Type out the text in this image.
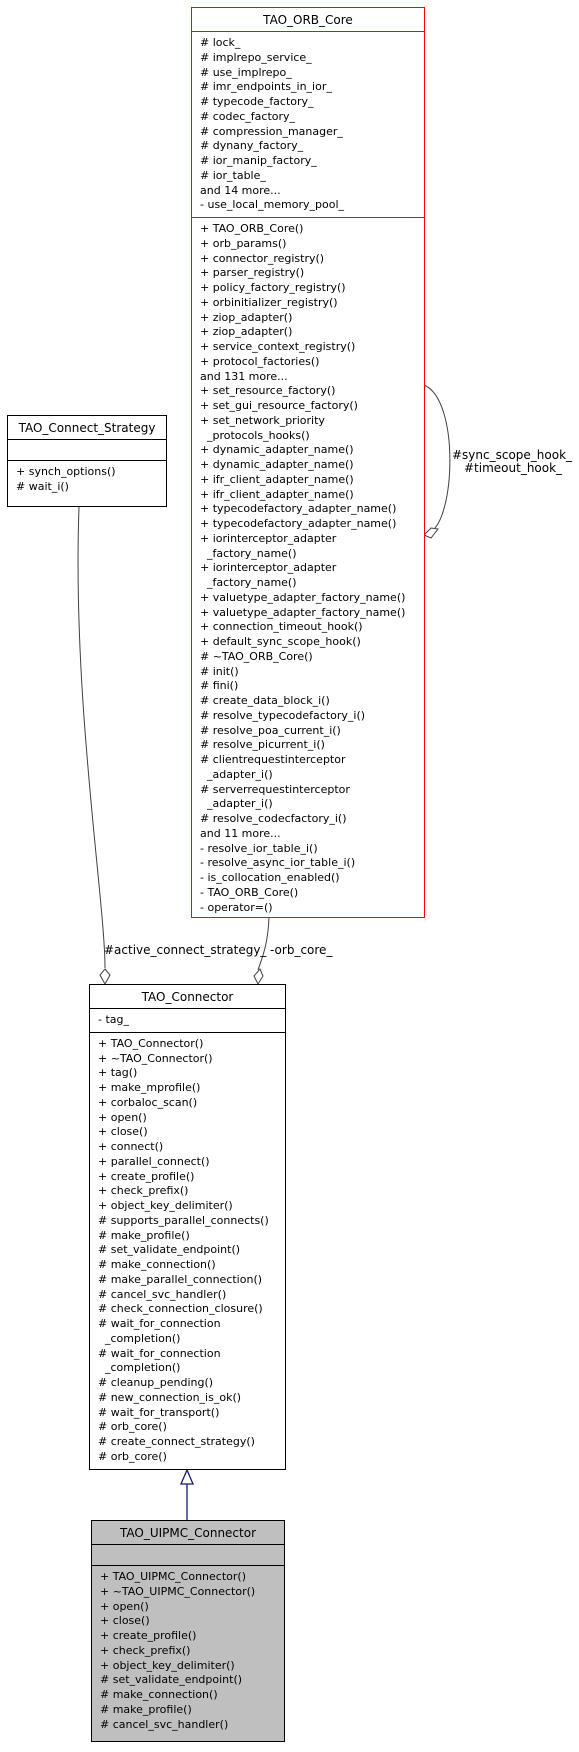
#sync_scope_hook_
#timeout_hook_
#active_connect_strategy_ -orb_core_
TAO_ORB_Core
# lock_
# implrepo_service_
# use_implrepo_
# imr_endpoints_in_ior_
# typecode_factory_
# codec_factory_
# compression_manager_
# dynany_factory_
# ior_manip_factory_
# ior_table_
and 14 more...
- use_local_memory_pool_
+ TAO_ORB_Core()
+ orb_params()
+ connector_registry()
+ parser_registry()
+ policy_factory_registry()
+ orbinitializer_registry()
+ ziop_adapter()
+ ziop_adapter()
+ service_context_registry()
+ protocol_factories()
and 131 more...
+ set_resource_factory()
+ set_gui_resource_factory()
+ set_network_priority
_protocols_hooks()
+ dynamic_adapter_name()
+ dynamic_adapter_name()
+ ifr_client_adapter_name()
+ ifr_client_adapter_name()
+ typecodefactory_adapter_name()
+ typecodefactory_adapter_name()
+ iorinterceptor_adapter
_factory_name()
+ iorinterceptor_adapter
_factory_name()
+ valuetype_adapter_factory_name()
+ valuetype_adapter_factory_name()
+ connection_timeout_hook()
+ default_sync_scope_hook()
# ~TAO_ORB_Core()
# init()
# fini()
# create_data_block_i()
# resolve_typecodefactory_i()
# resolve_poa_current_i()
# resolve_picurrent_i()
# clientrequestinterceptor
_adapter_i()
# serverrequestinterceptor
_adapter_i()
# resolve_codecfactory_i()
and 11 more...
- resolve_ior_table_i()
- resolve_async_ior_table_i()
- is_collocation_enabled()
- TAO_ORB_Core()
- operator=()
TAO_Connect_Strategy
+ synch_options()
# wait_i()
TAO_Connector
- tag_
+ TAO_Connector()
+ ~TAO_Connector()
+ tag()
+ make_mprofile()
+ corbaloc_scan()
+ open()
+ close()
+ connect()
+ parallel_connect()
+ create_profile()
+ check_prefix()
+ object_key_delimiter()
# supports_parallel_connects()
# make_profile()
# set_validate_endpoint()
# make_connection()
# make_parallel_connection()
# cancel_svc_handler()
# check_connection_closure()
# wait_for_connection
_completion()
# wait_for_connection
_completion()
# cleanup_pending()
# new_connection_is_ok()
# wait_for_transport()
# orb_core()
# create_connect_strategy()
# orb_core()
TAO_UIPMC_Connector
+ TAO_UIPMC_Connector()
+ ~TAO_UIPMC_Connector()
+ open()
+ close()
+ create_profile()
+ check_prefix()
+ object_key_delimiter()
# set_validate_endpoint()
# make_connection()
# make_profile()
# cancel_svc_handler()
